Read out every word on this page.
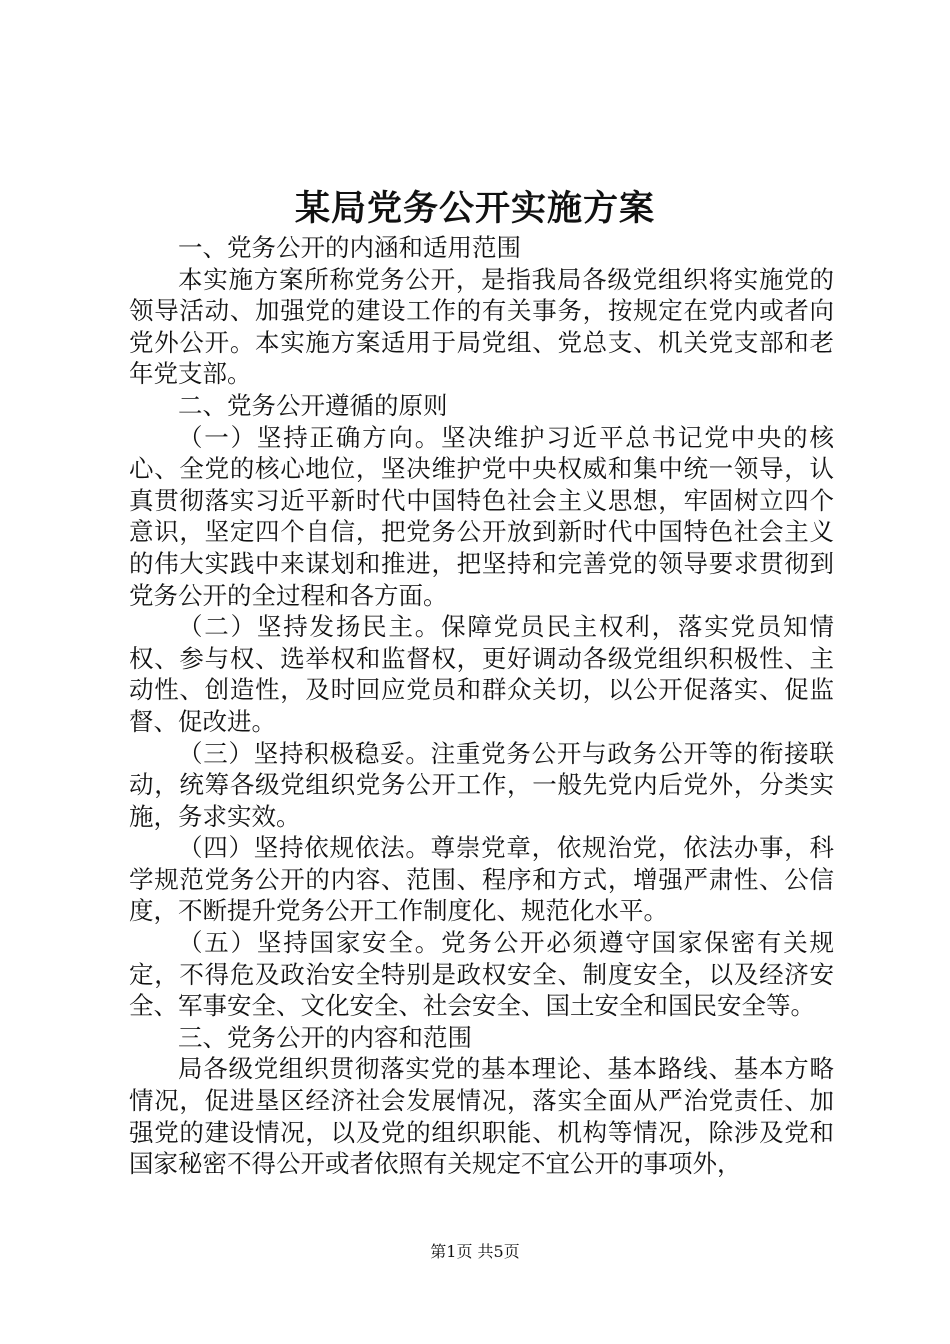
某局党务公开实施方案

一、党务公开的内涵和适用范围

本实施方案所称党务公开，是指我局各级党组织将实施党的领导活动、加强党的建设工作的有关事务，按规定在党内或者向党外公开。本实施方案适用于局党组、党总支、机关党支部和老年党支部。

二、党务公开遵循的原则

（一）坚持正确方向。坚决维护习近平总书记党中央的核心、全党的核心地位，坚决维护党中央权威和集中统一领导，认真贯彻落实习近平新时代中国特色社会主义思想，牢固树立四个意识，坚定四个自信，把党务公开放到新时代中国特色社会主义的伟大实践中来谋划和推进，把坚持和完善党的领导要求贯彻到党务公开的全过程和各方面。

（二）坚持发扬民主。保障党员民主权利，落实党员知情权、参与权、选举权和监督权，更好调动各级党组织积极性、主动性、创造性，及时回应党员和群众关切，以公开促落实、促监督、促改进。

（三）坚持积极稳妥。注重党务公开与政务公开等的衔接联动，统筹各级党组织党务公开工作，一般先党内后党外，分类实施，务求实效。

（四）坚持依规依法。尊崇党章，依规治党，依法办事，科学规范党务公开的内容、范围、程序和方式，增强严肃性、公信度，不断提升党务公开工作制度化、规范化水平。

（五）坚持国家安全。党务公开必须遵守国家保密有关规定，不得危及政治安全特别是政权安全、制度安全，以及经济安全、军事安全、文化安全、社会安全、国土安全和国民安全等。

三、党务公开的内容和范围

局各级党组织贯彻落实党的基本理论、基本路线、基本方略情况，促进垦区经济社会发展情况，落实全面从严治党责任、加强党的建设情况，以及党的组织职能、机构等情况，除涉及党和国家秘密不得公开或者依照有关规定不宜公开的事项外，

第1页 共5页
